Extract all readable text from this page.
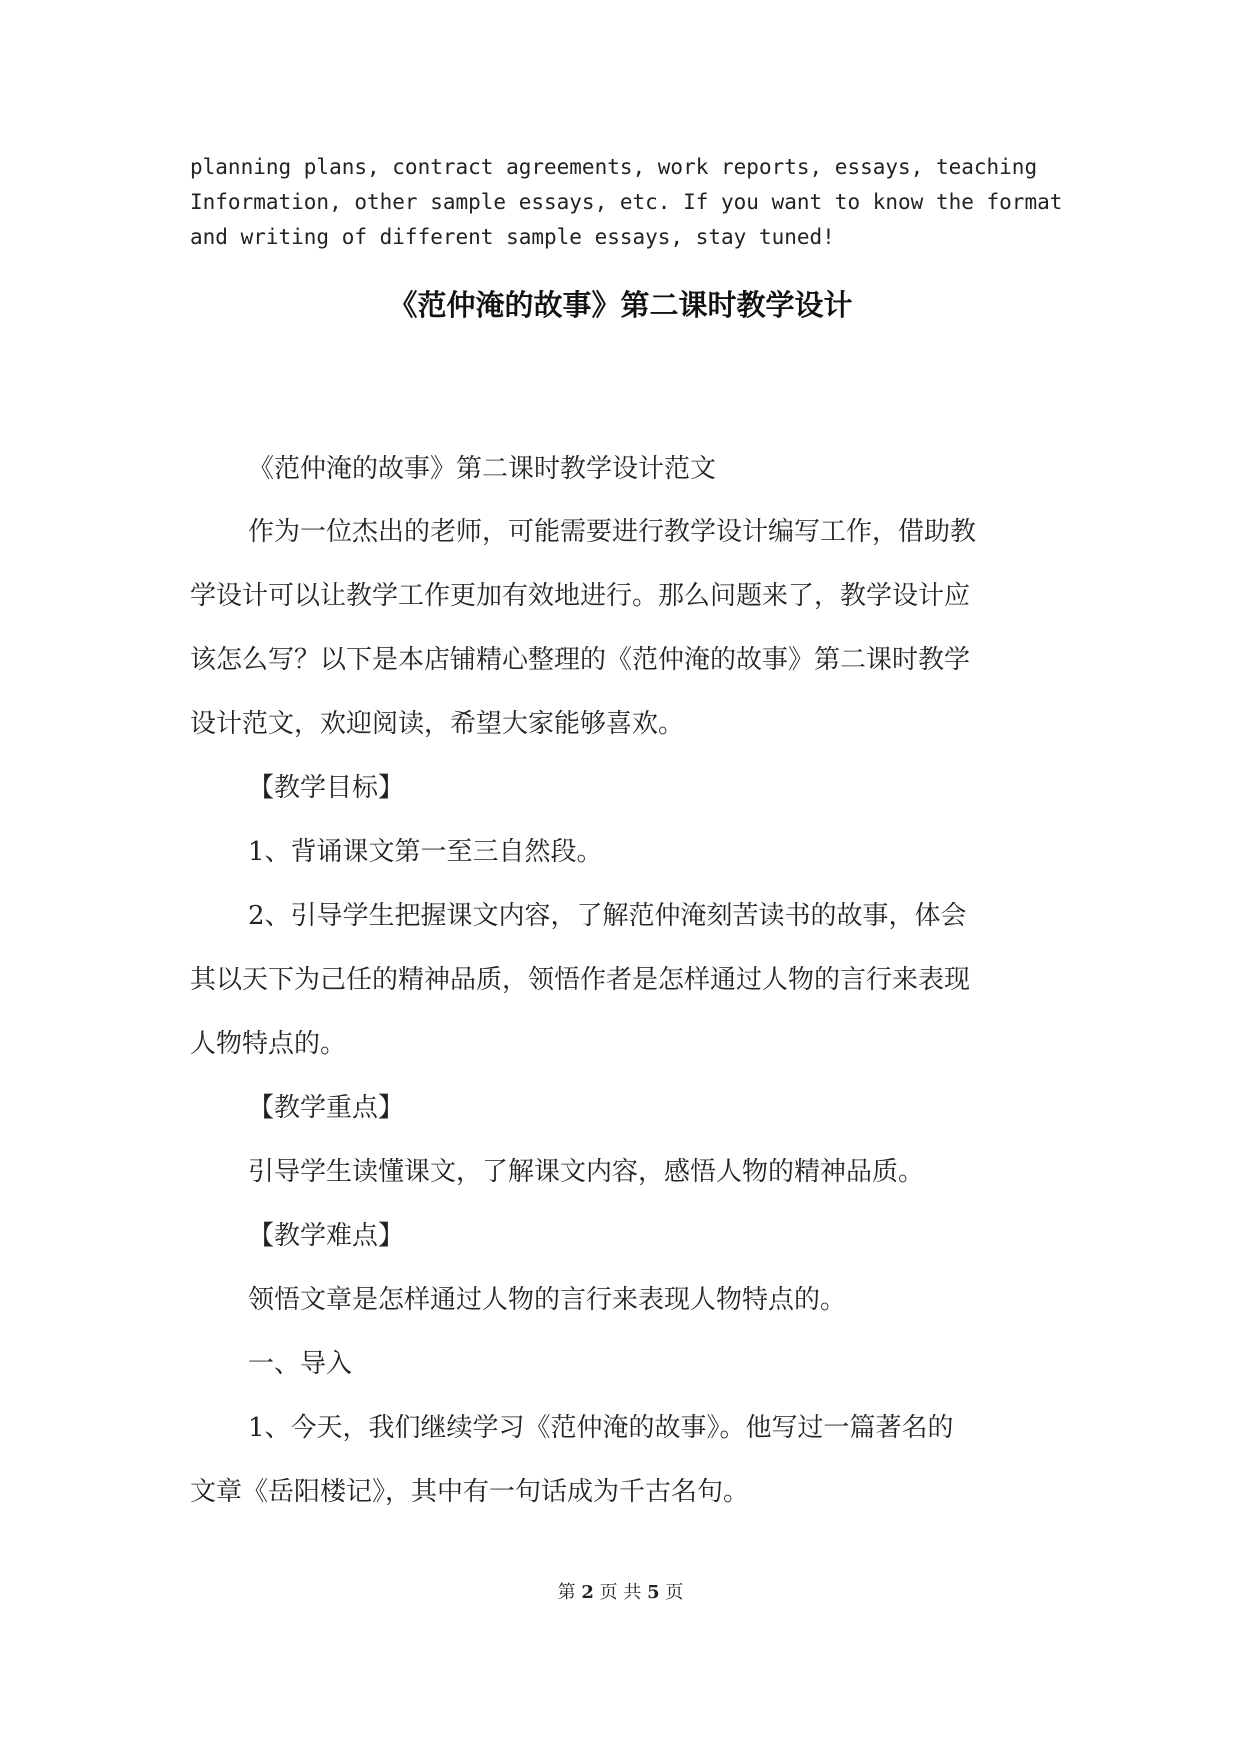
planning plans, contract agreements, work reports, essays, teaching
Information, other sample essays, etc. If you want to know the format
and writing of different sample essays, stay tuned!
《范仲淹的故事》第二课时教学设计
《范仲淹的故事》第二课时教学设计范文
作为一位杰出的老师，可能需要进行教学设计编写工作，借助教
学设计可以让教学工作更加有效地进行。那么问题来了，教学设计应
该怎么写？以下是本店铺精心整理的《范仲淹的故事》第二课时教学
设计范文，欢迎阅读，希望大家能够喜欢。
【教学目标】
1、背诵课文第一至三自然段。
2、引导学生把握课文内容，了解范仲淹刻苦读书的故事，体会
其以天下为己任的精神品质，领悟作者是怎样通过人物的言行来表现
人物特点的。
【教学重点】
引导学生读懂课文，了解课文内容，感悟人物的精神品质。
【教学难点】
领悟文章是怎样通过人物的言行来表现人物特点的。
一、导入
1、今天，我们继续学习《范仲淹的故事》。他写过一篇著名的
文章《岳阳楼记》，其中有一句话成为千古名句。
第 2 页 共 5 页
